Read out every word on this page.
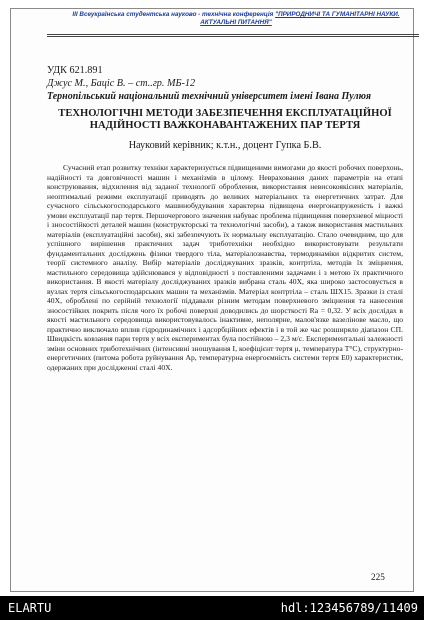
ІІІ Всеукраїнська студентська науково - технічна конференція "ПРИРОДНИЧІ ТА ГУМАНІТАРНІ НАУКИ.
АКТУАЛЬНІ ПИТАННЯ"
УДК 621.891
Джус М., Баціс В. – ст..гр. МБ-12
Тернопільський національний технічний університет імені Івана Пулюя
ТЕХНОЛОГІЧНІ МЕТОДИ ЗАБЕЗПЕЧЕННЯ ЕКСПЛУАТАЦІЙНОЇ НАДІЙНОСТІ ВАЖКОНАВАНТАЖЕНИХ ПАР ТЕРТЯ
Науковий керівник; к.т.н., доцент Гупка Б.В.

Сучасний етап розвитку техніки характеризується підвищеними вимогами до якості робочих поверхонь, надійності та довговічності машин і механізмів в цілому. Невраховання даних параметрів на етапі конструювання, відхилення від заданої технології оброблення, використання невисокоякісних матеріалів, неоптимальні режими експлуатації приводять до великих матеріальних та енергетичних затрат. Для сучасного сільськогосподарського машинобудування характерна підвищена енергонапруженість і важкі умови експлуатації пар тертя. Першочергового значення набуває проблема підвищення поверхневої міцності і зносостійкості деталей машин (конструкторські та технологічні засоби), а також використання мастильних матеріалів (експлуатаційні засоби), які забезпечують їх нормальну експлуатацію. Стало очевидним, що для успішного вирішення практичних задач триботехніки необхідно використовувати результати фундаментальних досліджень фізики твердого тіла, матеріалознавства, термодинаміки відкритих систем, теорії системного аналізу. Вибір матеріалів досліджуваних зразків, контртіла, методів їх зміцнення, мастильного середовища здійснювався у відповідності з поставленими задачами і з метою їх практичного використання. В якості матеріалу досліджуваних зразків вибрана сталь 40Х, яка широко застосовується в вузлах тертя сільськогосподарських машин та механізмів. Матеріал контртіла – сталь ШХ15. Зразки із сталі 40Х, оброблені по серійній технології піддавали різним методам поверхневого зміцнення та нанесення зносостійких покрить після чого їх робочі поверхні доводились до шорсткості Ra = 0,32. У всіх дослідах в якості мастильного середовища використовувалось інактивне, неполярне, малов'язке вазелінове масло, що практично виключало вплив гідродинамічних і адсорбційних ефектів і в той же час розширяло діапазон СП. Швидкість ковзання пари тертя у всіх експериментах була постійною – 2,3 м/с. Експериментальні залежності зміни основних триботехнічних (інтенсивні зношування I, коефіцієнт тертя μ, температура T°C), структурно-енергетичних (питома робота руйнування Ap, температурна енергоємність системи тертя E0) характеристик, одержаних при дослідженні сталі 40Х.

225
ELARTU	hdl:123456789/11409
